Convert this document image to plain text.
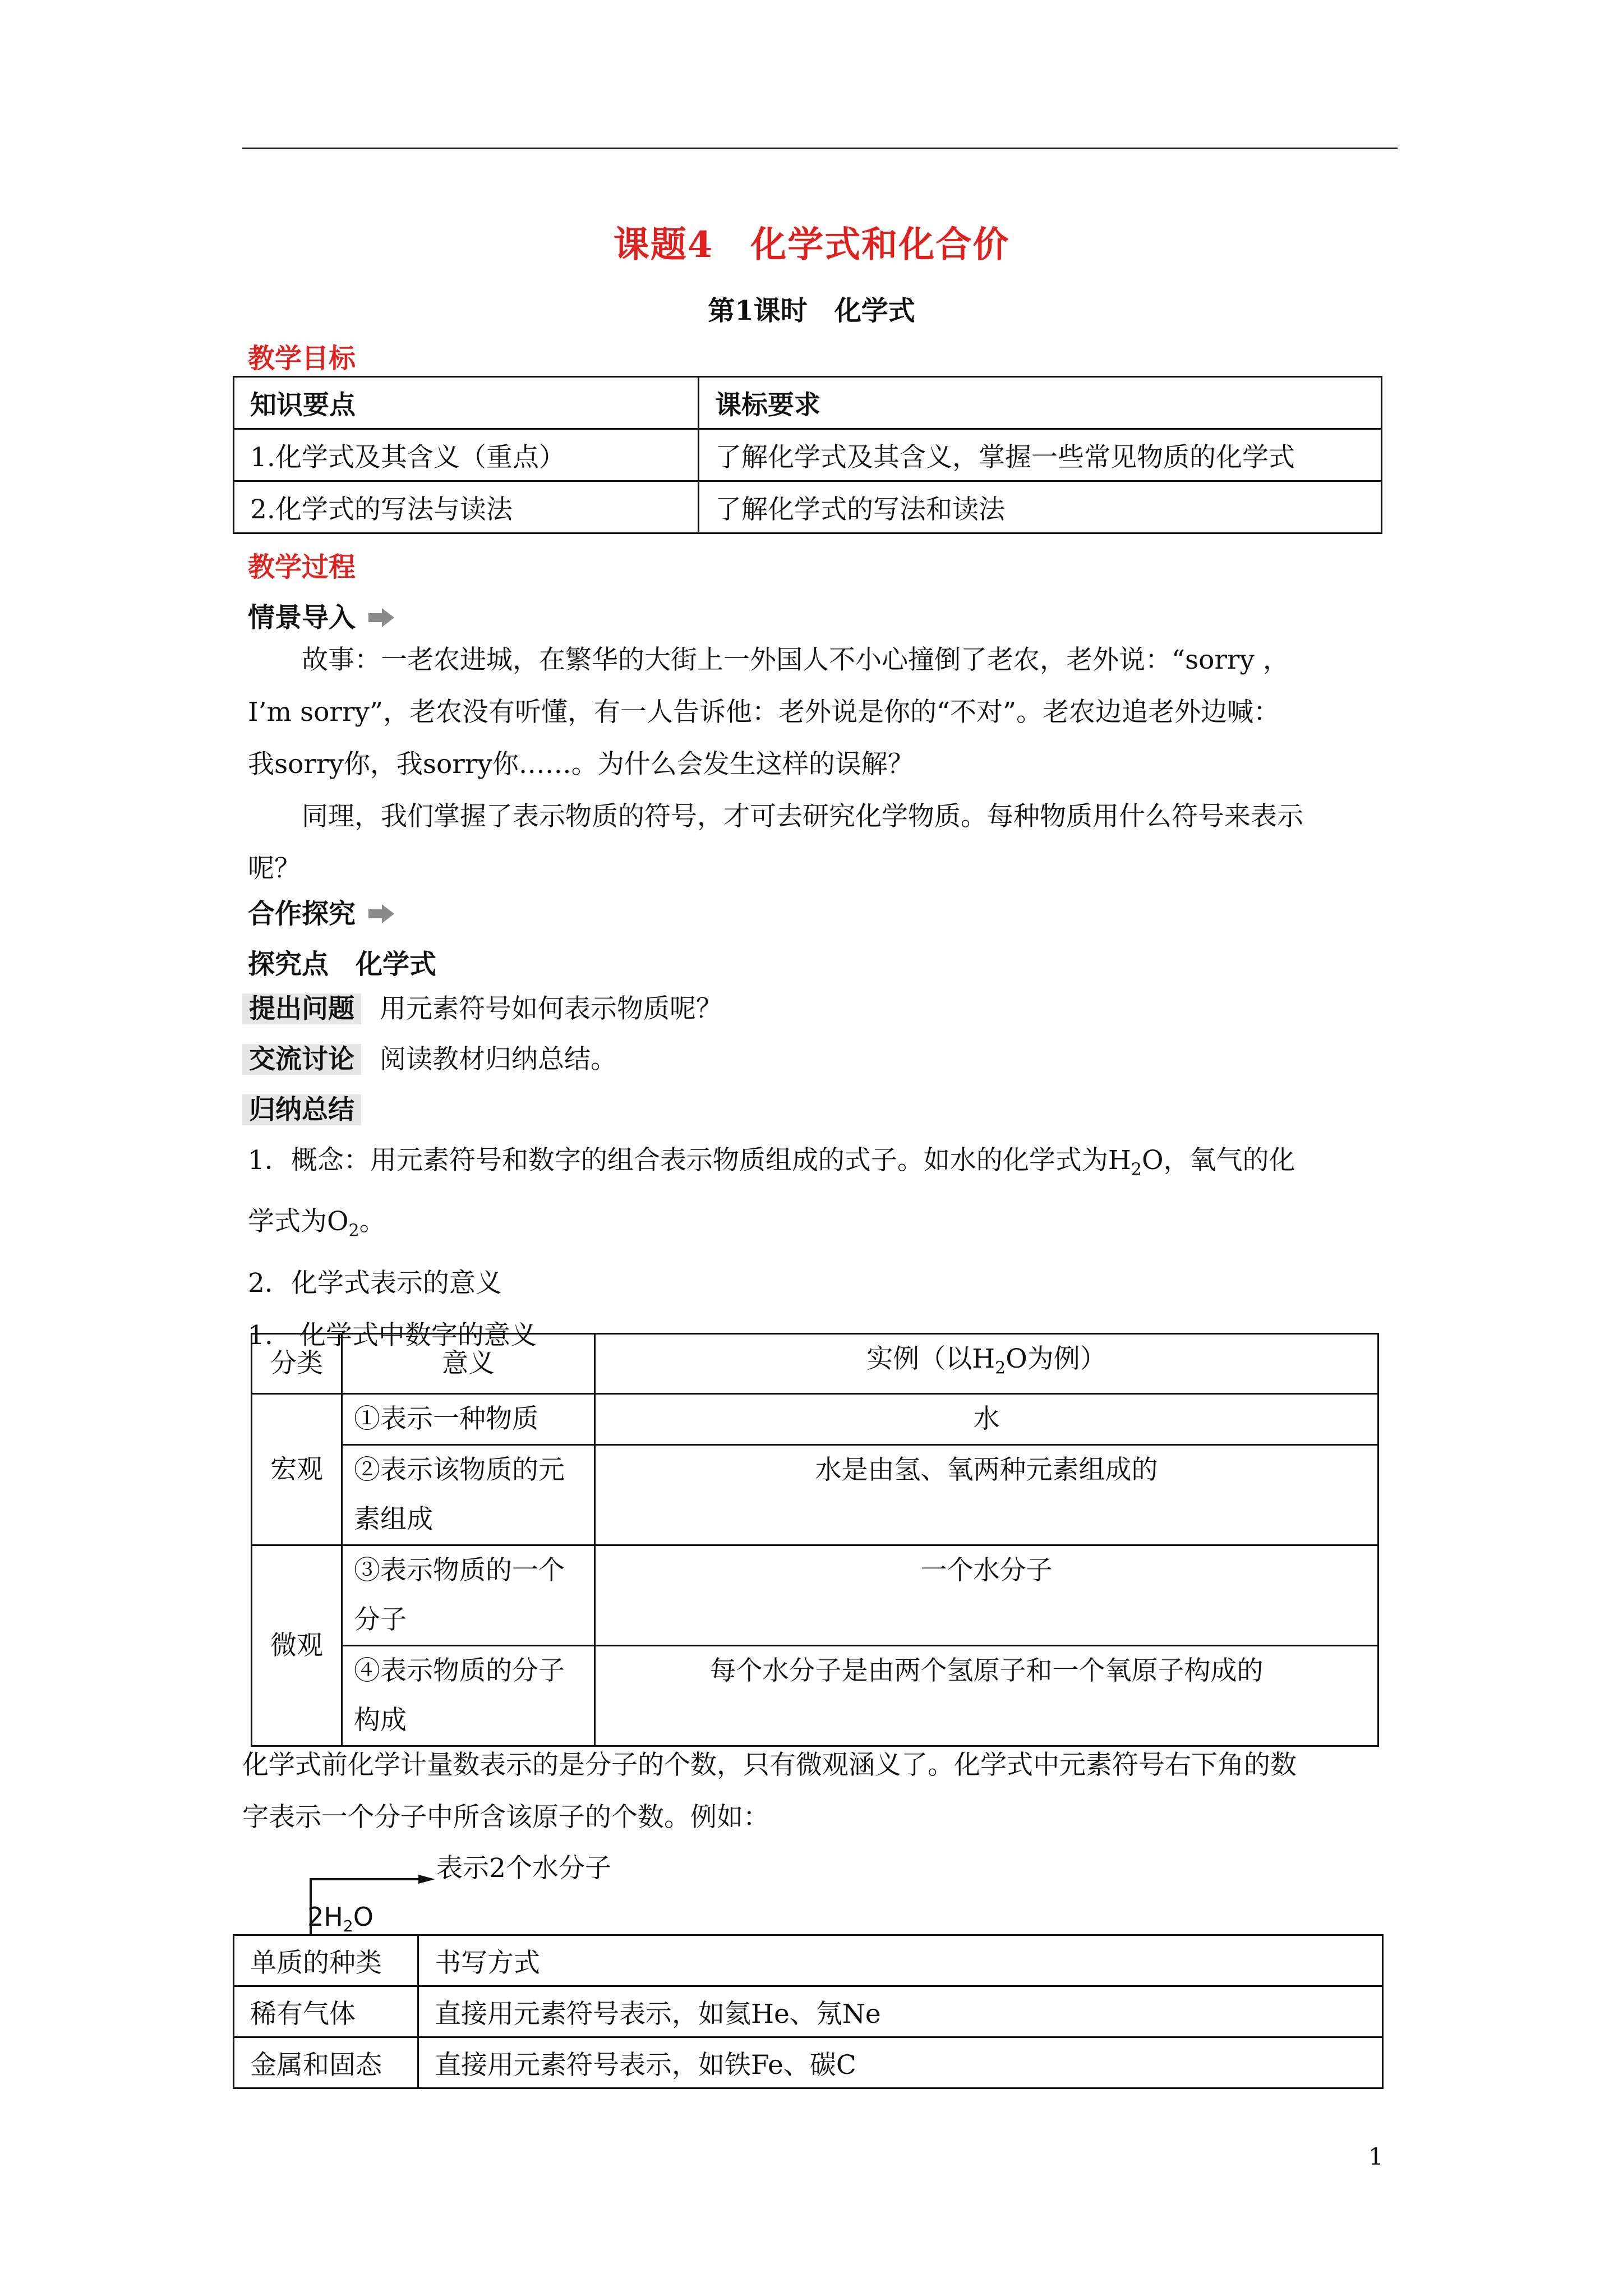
课题4　化学式和化合价
第1课时　化学式
教学目标
知识要点	课标要求
1.化学式及其含义（重点）	了解化学式及其含义，掌握一些常见物质的化学式
2.化学式的写法与读法	了解化学式的写法和读法
教学过程
情景导入
故事：一老农进城，在繁华的大街上一外国人不小心撞倒了老农，老外说：“sorry ，
I’m sorry”，老农没有听懂，有一人告诉他：老外说是你的“不对”。老农边追老外边喊：
我sorry你，我sorry你……。为什么会发生这样的误解？
同理，我们掌握了表示物质的符号，才可去研究化学物质。每种物质用什么符号来表示
呢？
合作探究
探究点　化学式
提出问题 用元素符号如何表示物质呢？
交流讨论 阅读教材归纳总结。
归纳总结
1．概念：用元素符号和数字的组合表示物质组成的式子。如水的化学式为$H_2O$，氧气的化
学式为$O_2$。
2．化学式表示的意义
1.　化学式中数字的意义
分类	意义	实例（以$H_2O$为例）
宏观	①表示一种物质	水
	②表示该物质的元素组成	水是由氢、氧两种元素组成的
微观	③表示物质的一个分子	一个水分子
	④表示物质的分子构成	每个水分子是由两个氢原子和一个氧原子构成的
化学式前化学计量数表示的是分子的个数，只有微观涵义了。化学式中元素符号右下角的数
字表示一个分子中所含该原子的个数。例如：
表示2个水分子
$2H_2O$
单质的种类	书写方式
稀有气体	直接用元素符号表示，如氦He、氖Ne
金属和固态	直接用元素符号表示，如铁Fe、碳C
1
